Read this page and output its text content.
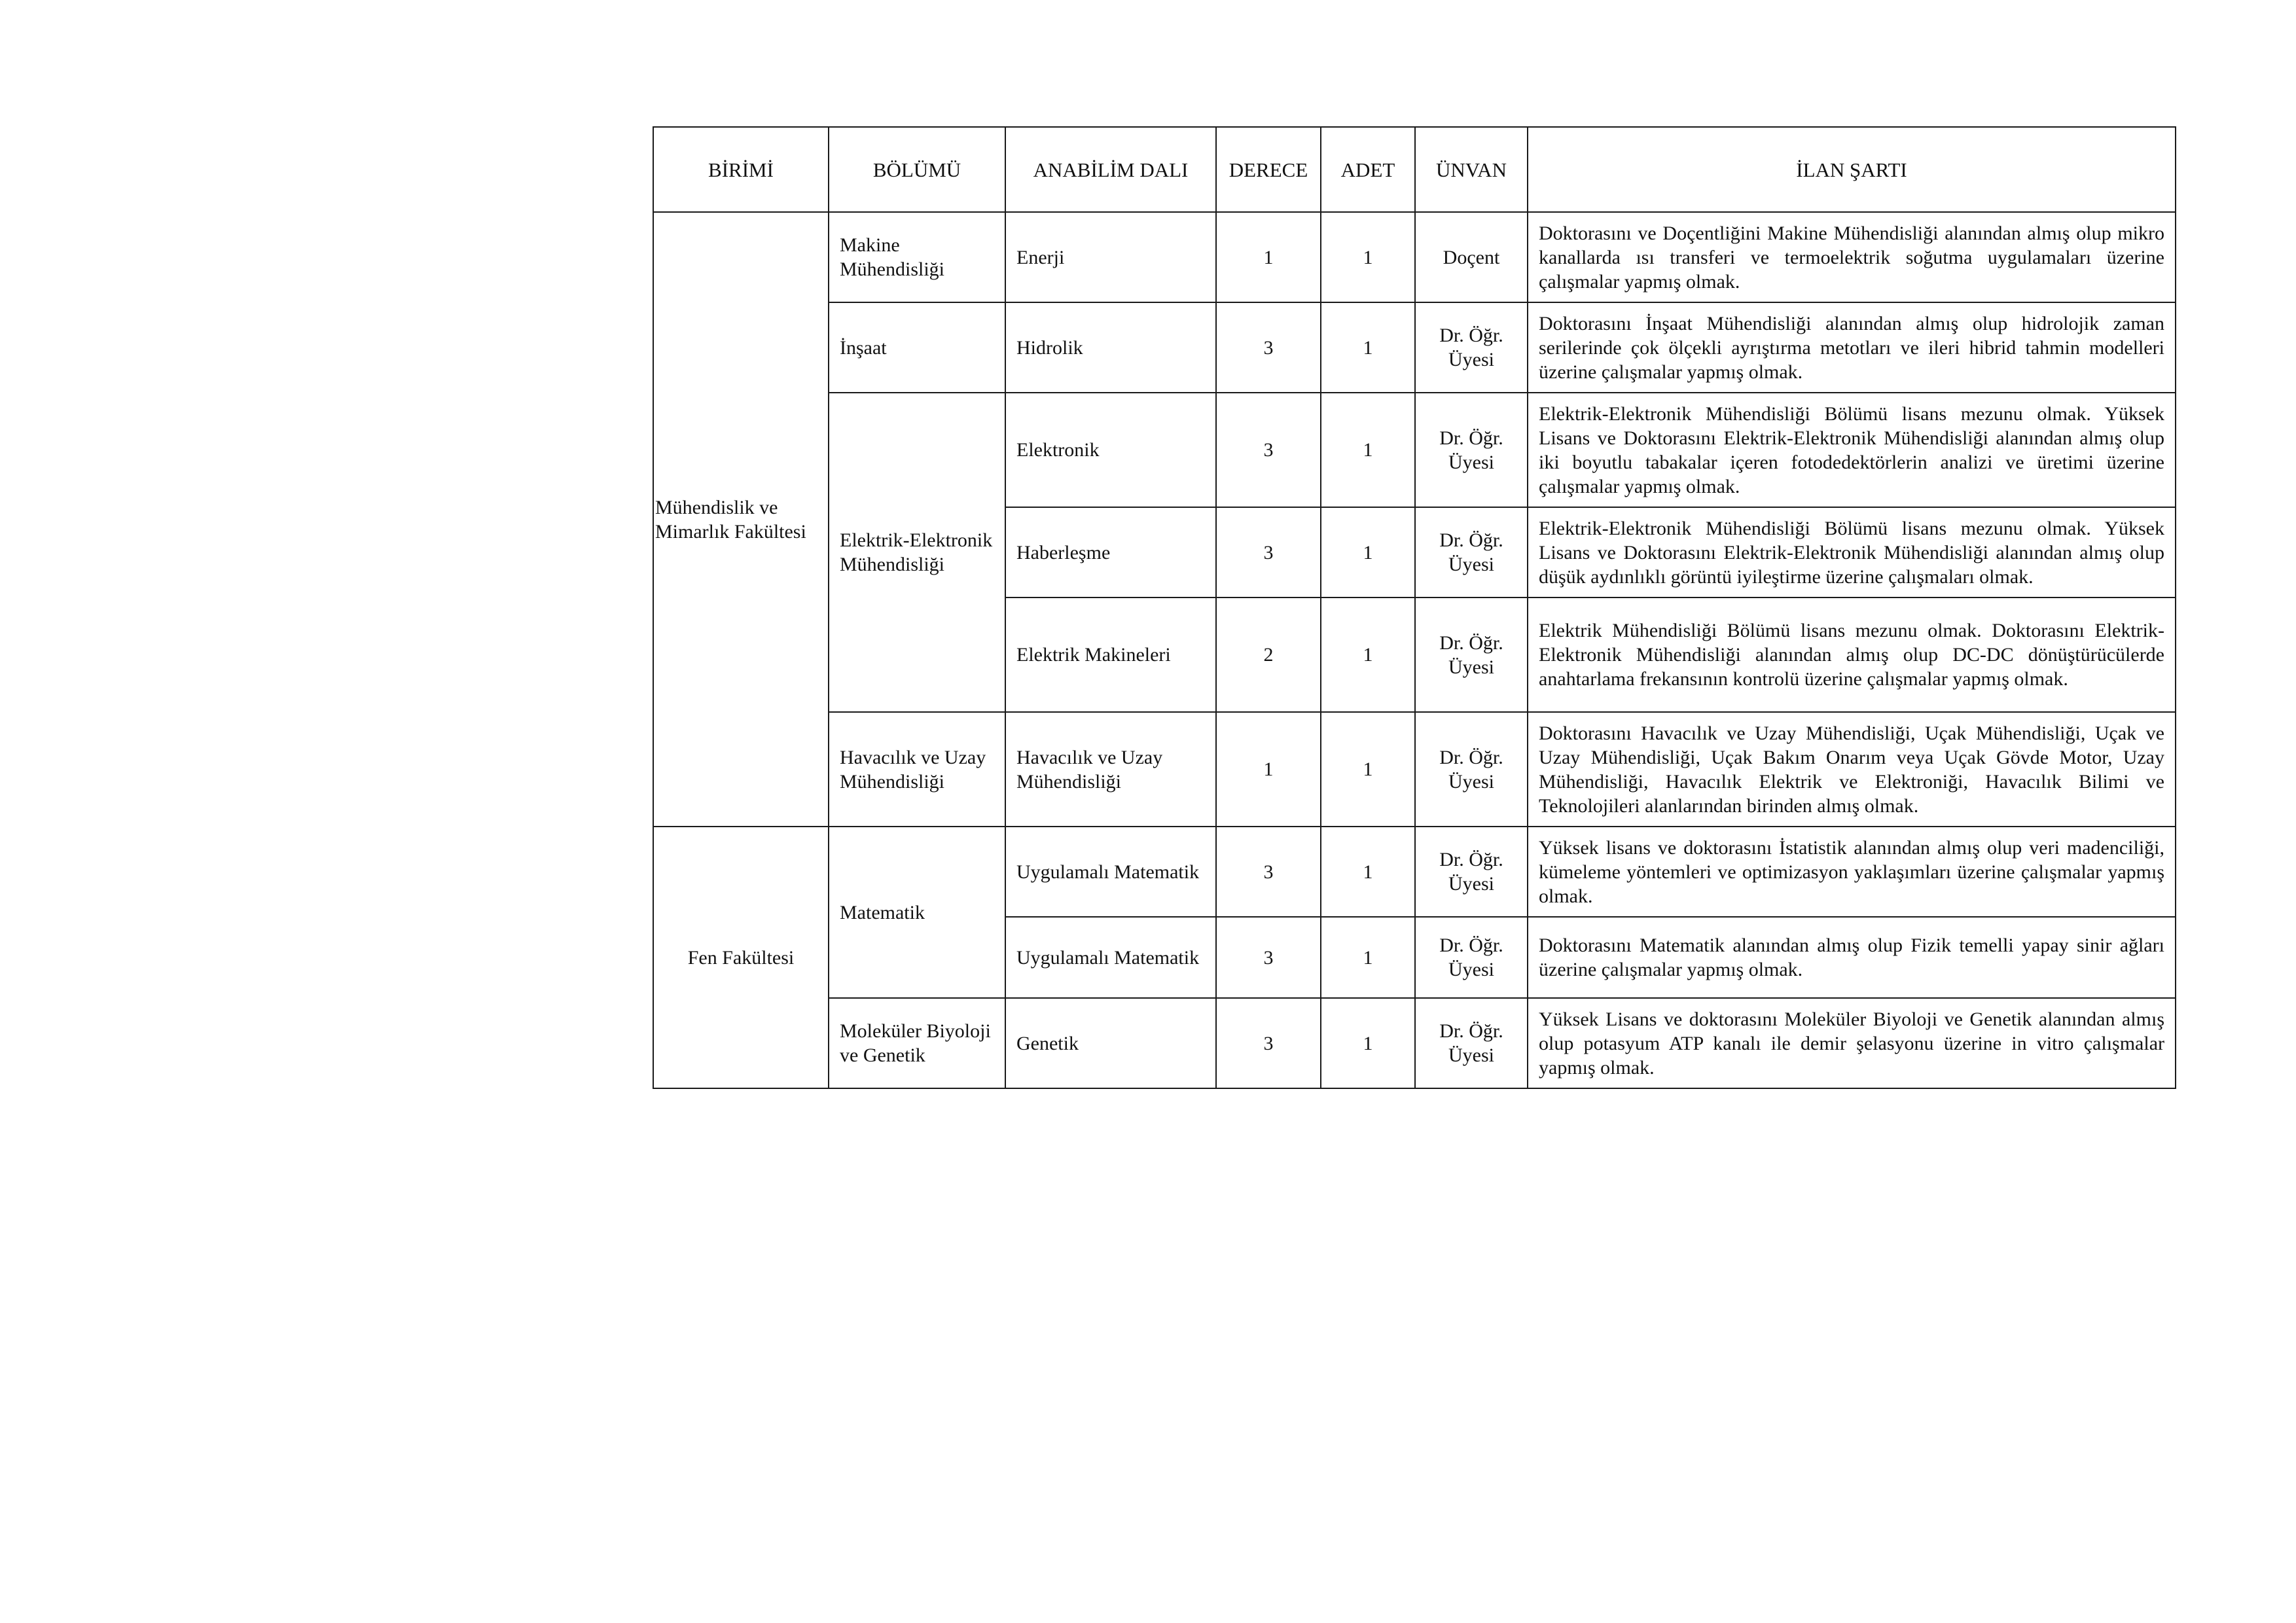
BİRİMİ	BÖLÜMÜ	ANABİLİM DALI	DERECE	ADET	ÜNVAN	İLAN ŞARTI
Mühendislik ve Mimarlık Fakültesi	Makine Mühendisliği	Enerji	1	1	Doçent	Doktorasını ve Doçentliğini Makine Mühendisliği alanından almış olup mikro kanallarda ısı transferi ve termoelektrik soğutma uygulamaları üzerine çalışmalar yapmış olmak.
	İnşaat	Hidrolik	3	1	Dr. Öğr. Üyesi	Doktorasını İnşaat Mühendisliği alanından almış olup hidrolojik zaman serilerinde çok ölçekli ayrıştırma metotları ve ileri hibrid tahmin modelleri üzerine çalışmalar yapmış olmak.
	Elektrik-Elektronik Mühendisliği	Elektronik	3	1	Dr. Öğr. Üyesi	Elektrik-Elektronik Mühendisliği Bölümü lisans mezunu olmak. Yüksek Lisans ve Doktorasını Elektrik-Elektronik Mühendisliği alanından almış olup iki boyutlu tabakalar içeren fotodedektörlerin analizi ve üretimi üzerine çalışmalar yapmış olmak.
		Haberleşme	3	1	Dr. Öğr. Üyesi	Elektrik-Elektronik Mühendisliği Bölümü lisans mezunu olmak. Yüksek Lisans ve Doktorasını Elektrik-Elektronik Mühendisliği alanından almış olup düşük aydınlıklı görüntü iyileştirme üzerine çalışmaları olmak.
		Elektrik Makineleri	2	1	Dr. Öğr. Üyesi	Elektrik Mühendisliği Bölümü lisans mezunu olmak. Doktorasını Elektrik-Elektronik Mühendisliği alanından almış olup DC-DC dönüştürücülerde anahtarlama frekansının kontrolü üzerine çalışmalar yapmış olmak.
	Havacılık ve Uzay Mühendisliği	Havacılık ve Uzay Mühendisliği	1	1	Dr. Öğr. Üyesi	Doktorasını Havacılık ve Uzay Mühendisliği, Uçak Mühendisliği, Uçak ve Uzay Mühendisliği, Uçak Bakım Onarım veya Uçak Gövde Motor, Uzay Mühendisliği, Havacılık Elektrik ve Elektroniği, Havacılık Bilimi ve Teknolojileri alanlarından birinden almış olmak.
Fen Fakültesi	Matematik	Uygulamalı Matematik	3	1	Dr. Öğr. Üyesi	Yüksek lisans ve doktorasını İstatistik alanından almış olup veri madenciliği, kümeleme yöntemleri ve optimizasyon yaklaşımları üzerine çalışmalar yapmış olmak.
		Uygulamalı Matematik	3	1	Dr. Öğr. Üyesi	Doktorasını Matematik alanından almış olup Fizik temelli yapay sinir ağları üzerine çalışmalar yapmış olmak.
	Moleküler Biyoloji ve Genetik	Genetik	3	1	Dr. Öğr. Üyesi	Yüksek Lisans ve doktorasını Moleküler Biyoloji ve Genetik alanından almış olup potasyum ATP kanalı ile demir şelasyonu üzerine in vitro çalışmalar yapmış olmak.
